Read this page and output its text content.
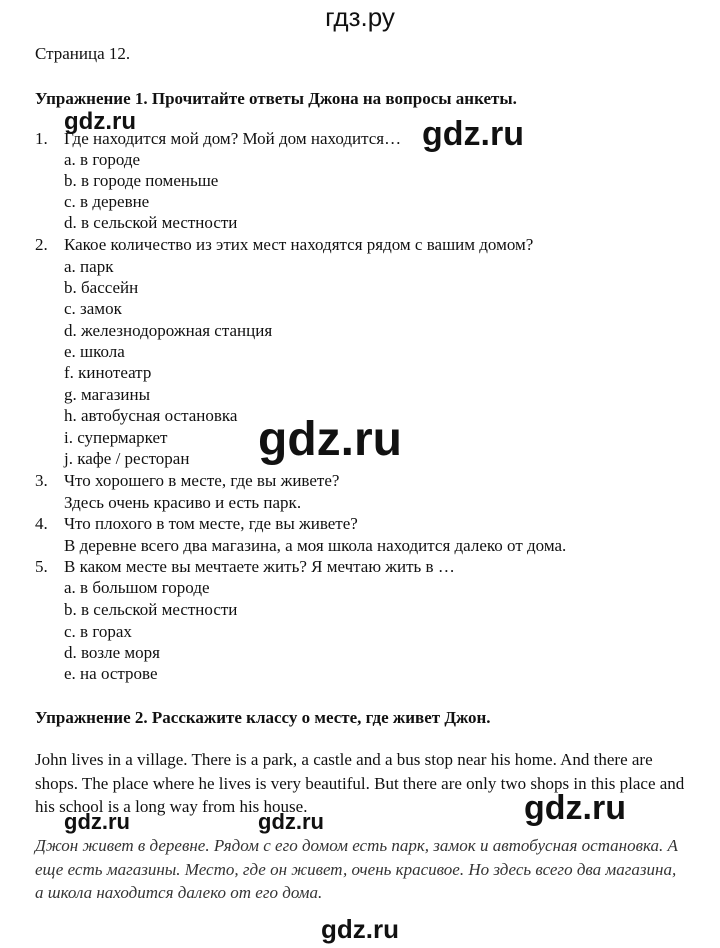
гдз.ру
Страница 12.
Упражнение 1. Прочитайте ответы Джона на вопросы анкеты.
1. Где находится мой дом? Мой дом находится…
a. в городе
b. в городе поменьше
c. в деревне
d. в сельской местности
2. Какое количество из этих мест находятся рядом с вашим домом?
a. парк
b. бассейн
c. замок
d. железнодорожная станция
e. школа
f. кинотеатр
g. магазины
h. автобусная остановка
i. супермаркет
j. кафе / ресторан
3. Что хорошего в месте, где вы живете?
Здесь очень красиво и есть парк.
4. Что плохого в том месте, где вы живете?
В деревне всего два магазина, а моя школа находится далеко от дома.
5. В каком месте вы мечтаете жить? Я мечтаю жить в …
a. в большом городе
b. в сельской местности
c. в горах
d. возле моря
e. на острове
Упражнение 2. Расскажите классу о месте, где живет Джон.
John lives in a village. There is a park, a castle and a bus stop near his home. And there are shops. The place where he lives is very beautiful. But there are only two shops in this place and his school is a long way from his house.
Джон живет в деревне. Рядом с его домом есть парк, замок и автобусная остановка. А еще есть магазины. Место, где он живет, очень красивое. Но здесь всего два магазина, а школа находится далеко от его дома.
gdz.ru	gdz.ru
gdz.ru
gdz.ru
gdz.ru	gdz.ru
gdz.ru
